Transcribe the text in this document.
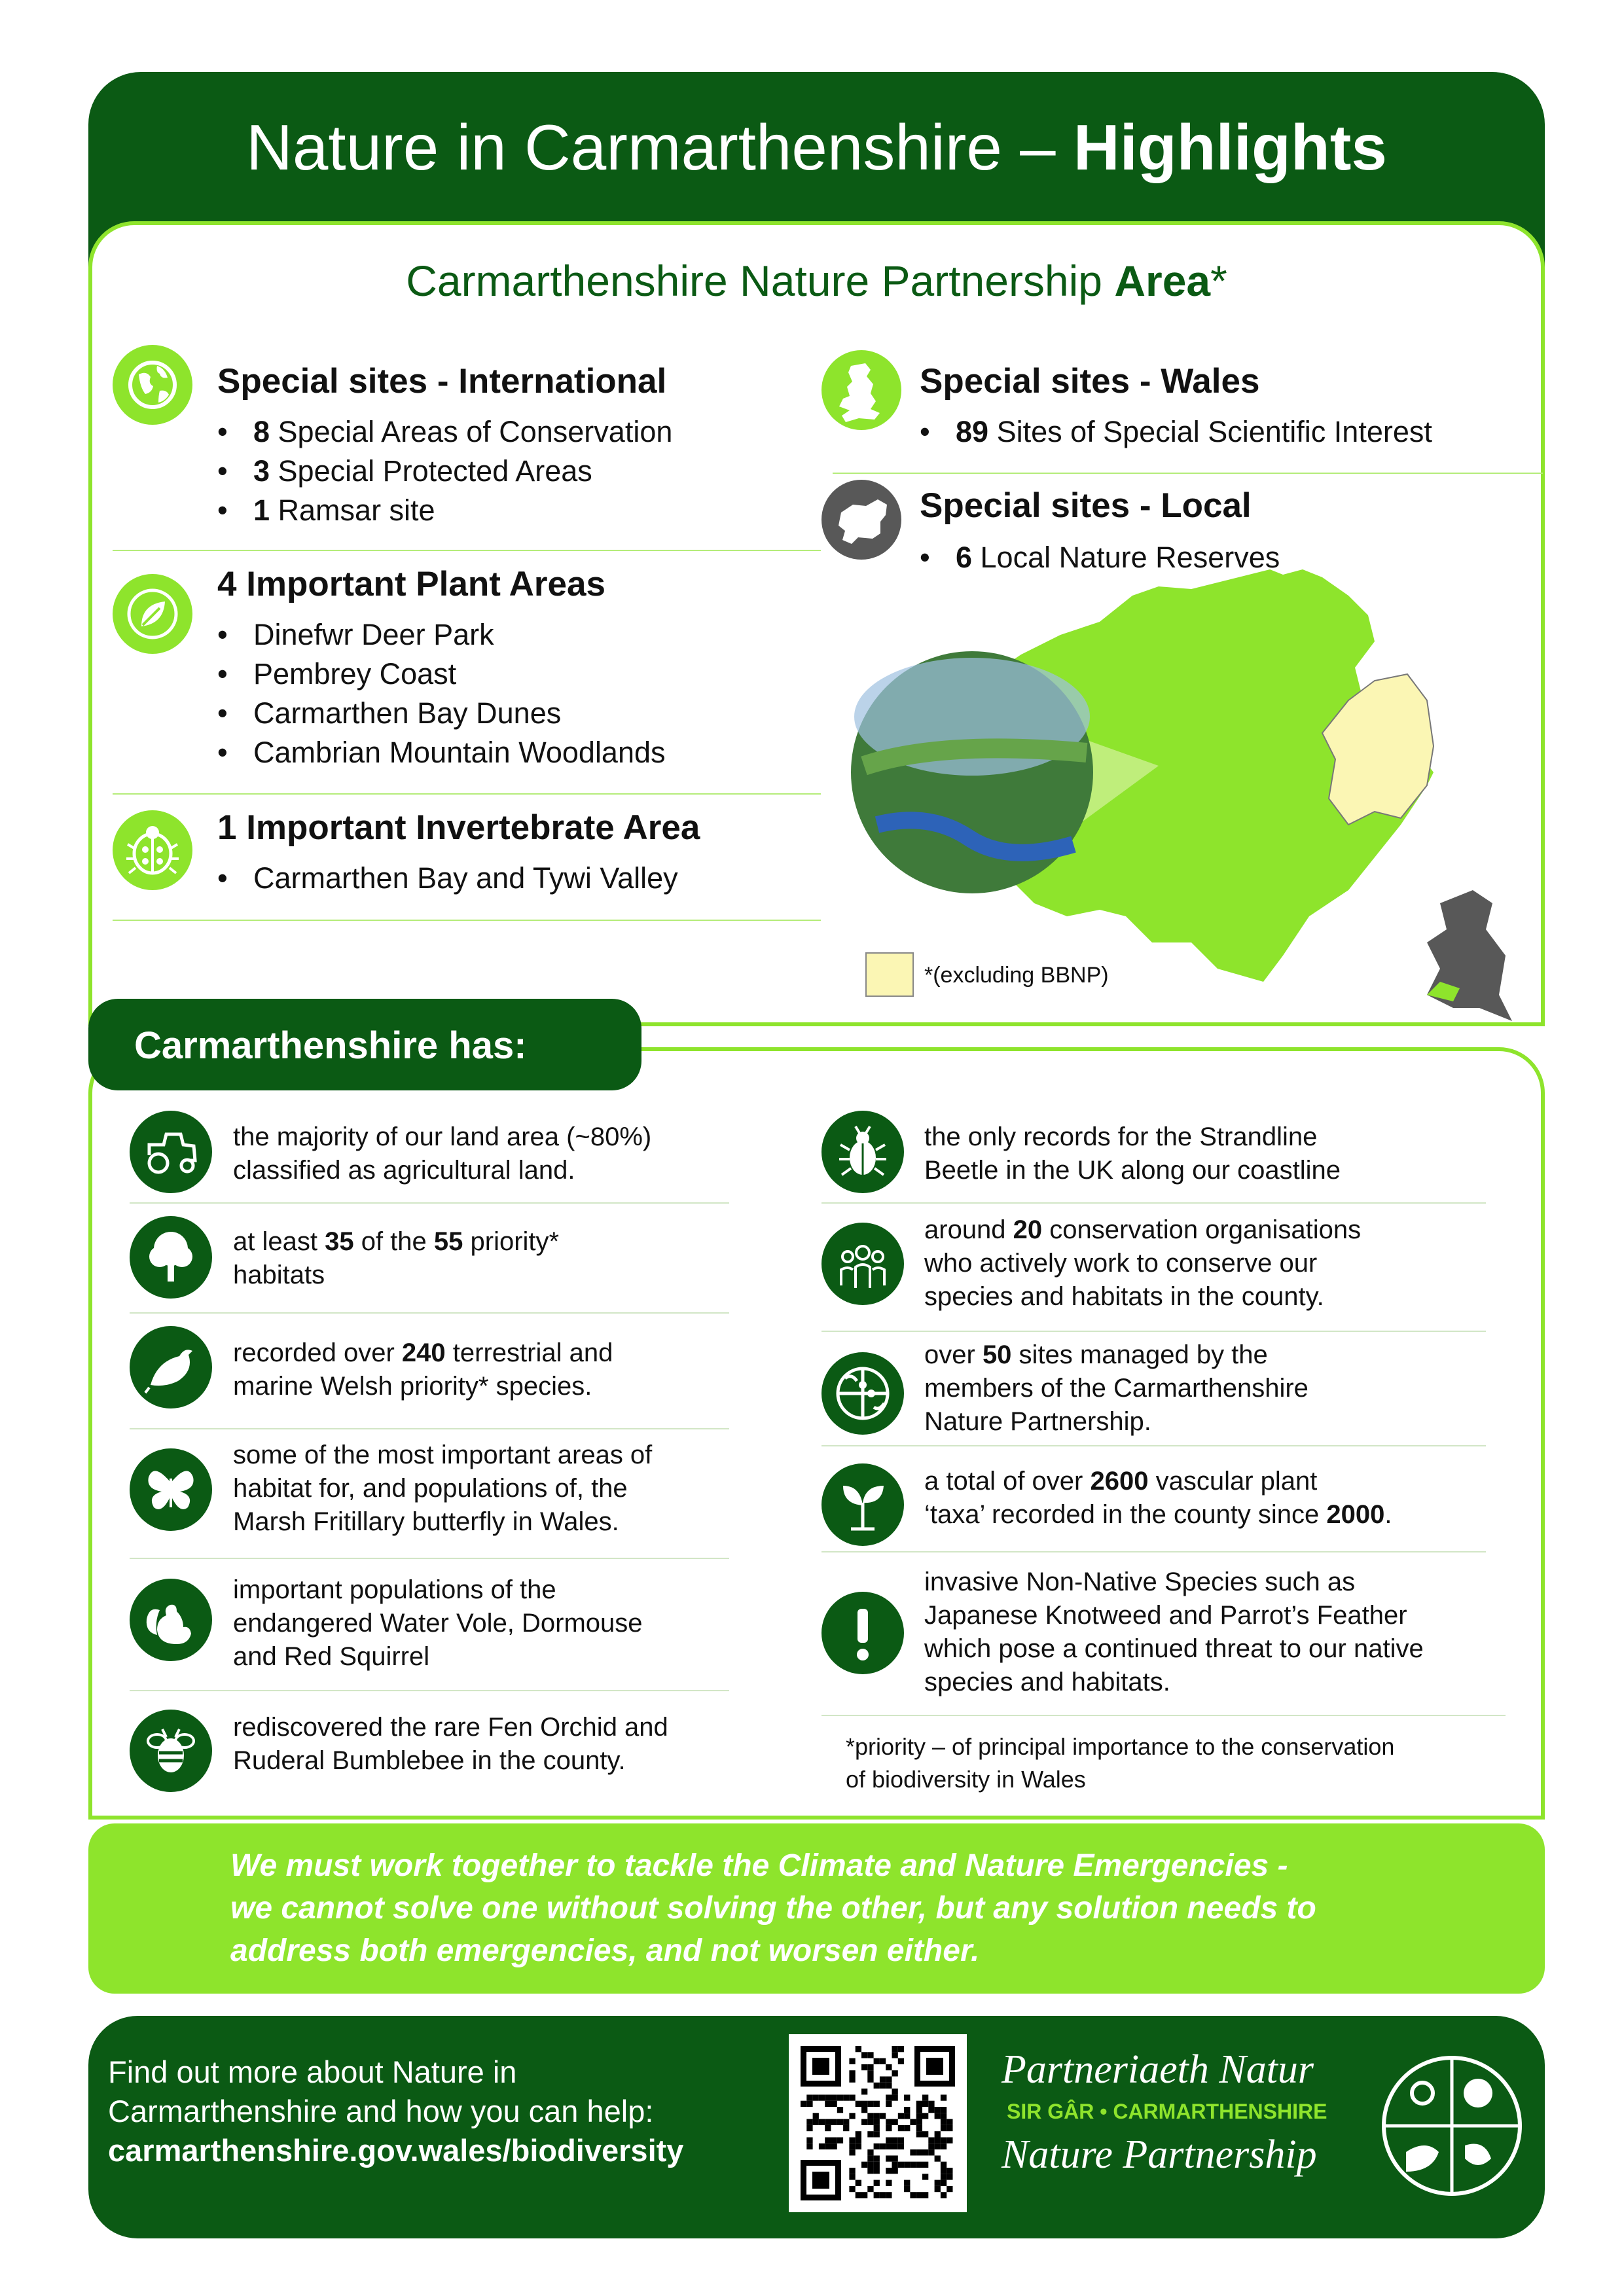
Nature in Carmarthenshire – Highlights
Carmarthenshire Nature Partnership Area*
Special sites - International
• 8 Special Areas of Conservation
• 3 Special Protected Areas
• 1 Ramsar site
4 Important Plant Areas
• Dinefwr Deer Park
• Pembrey Coast
• Carmarthen Bay Dunes
• Cambrian Mountain Woodlands
1 Important Invertebrate Area
• Carmarthen Bay and Tywi Valley
Special sites - Wales
• 89 Sites of Special Scientific Interest
Special sites - Local
• 6 Local Nature Reserves
*(excluding BBNP)
Carmarthenshire has:
the majority of our land area (~80%)
classified as agricultural land.
at least 35 of the 55 priority*
habitats
recorded over 240 terrestrial and
marine Welsh priority* species.
some of the most important areas of
habitat for, and populations of, the
Marsh Fritillary butterfly in Wales.
important populations of the
endangered Water Vole, Dormouse
and Red Squirrel
rediscovered the rare Fen Orchid and
Ruderal Bumblebee in the county.
the only records for the Strandline
Beetle in the UK along our coastline
around 20 conservation organisations
who actively work to conserve our
species and habitats in the county.
over 50 sites managed by the
members of the Carmarthenshire
Nature Partnership.
a total of over 2600 vascular plant
‘taxa’ recorded in the county since 2000.
invasive Non-Native Species such as
Japanese Knotweed and Parrot’s Feather
which pose a continued threat to our native
species and habitats.
*priority – of principal importance to the conservation
of biodiversity in Wales
We must work together to tackle the Climate and Nature Emergencies -
we cannot solve one without solving the other, but any solution needs to
address both emergencies, and not worsen either.
Find out more about Nature in
Carmarthenshire and how you can help:
carmarthenshire.gov.wales/biodiversity
Partneriaeth Natur
SIR GÂR • CARMARTHENSHIRE
Nature Partnership
